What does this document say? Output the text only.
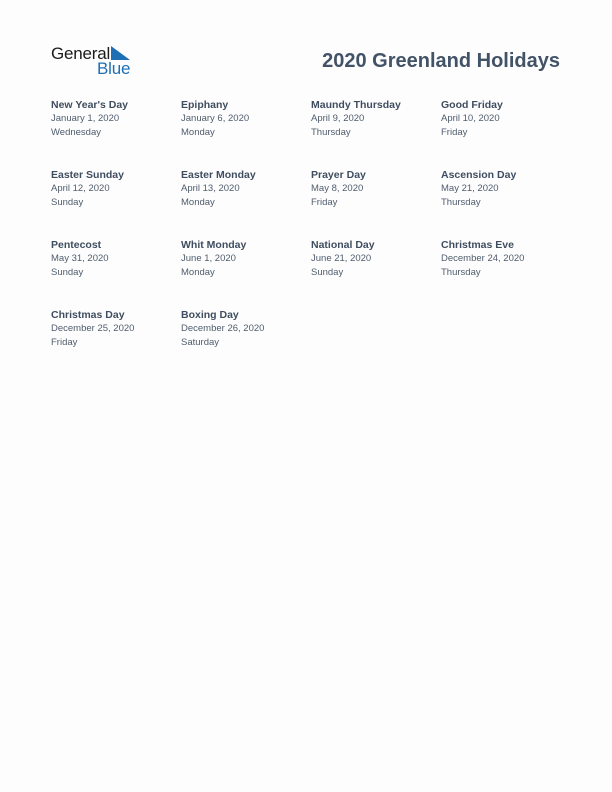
General
Blue	2020 Greenland Holidays
New Year's Day
January 1, 2020
Wednesday
Epiphany
January 6, 2020
Monday
Maundy Thursday
April 9, 2020
Thursday
Good Friday
April 10, 2020
Friday
Easter Sunday
April 12, 2020
Sunday
Easter Monday
April 13, 2020
Monday
Prayer Day
May 8, 2020
Friday
Ascension Day
May 21, 2020
Thursday
Pentecost
May 31, 2020
Sunday
Whit Monday
June 1, 2020
Monday
National Day
June 21, 2020
Sunday
Christmas Eve
December 24, 2020
Thursday
Christmas Day
December 25, 2020
Friday
Boxing Day
December 26, 2020
Saturday
